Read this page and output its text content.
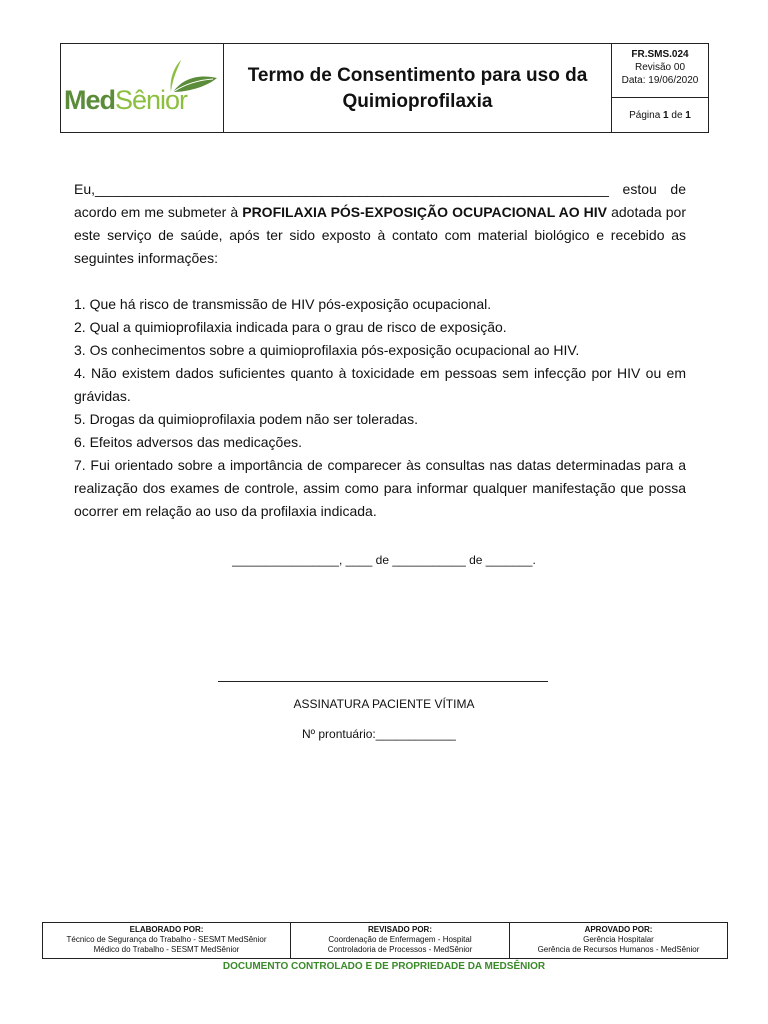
MedSênior
Termo de Consentimento para uso da
Quimioprofilaxia
FR.SMS.024
Revisão 00
Data: 19/06/2020
Página
1
de
1

Eu,__________________________________________________________________ estou de acordo em me submeter à PROFILAXIA PÓS-EXPOSIÇÃO OCUPACIONAL AO HIV adotada por este serviço de saúde, após ter sido exposto à contato com material biológico e recebido as seguintes informações:

1. Que há risco de transmissão de HIV pós-exposição ocupacional.

2. Qual a quimioprofilaxia indicada para o grau de risco de exposição.

3. Os conhecimentos sobre a quimioprofilaxia pós-exposição ocupacional ao HIV.

4. Não existem dados suficientes quanto à toxicidade em pessoas sem infecção por HIV ou em grávidas.

5. Drogas da quimioprofilaxia podem não ser toleradas.

6. Efeitos adversos das medicações.

7. Fui orientado sobre a importância de comparecer às consultas nas datas determinadas para a realização dos exames de controle, assim como para informar qualquer manifestação que possa ocorrer em relação ao uso da profilaxia indicada.

________________, ____ de ___________ de _______.
ASSINATURA PACIENTE VÍTIMA
Nº prontuário:____________
ELABORADO POR:
Técnico de Segurança do Trabalho - SESMT MedSênior
Médico do Trabalho - SESMT MedSênior
REVISADO POR:
Coordenação de Enfermagem - Hospital
Controladoria de Processos - MedSênior
APROVADO POR:
Gerência Hospitalar
Gerência de Recursos Humanos - MedSênior
DOCUMENTO CONTROLADO E DE PROPRIEDADE DA MEDSÊNIOR
